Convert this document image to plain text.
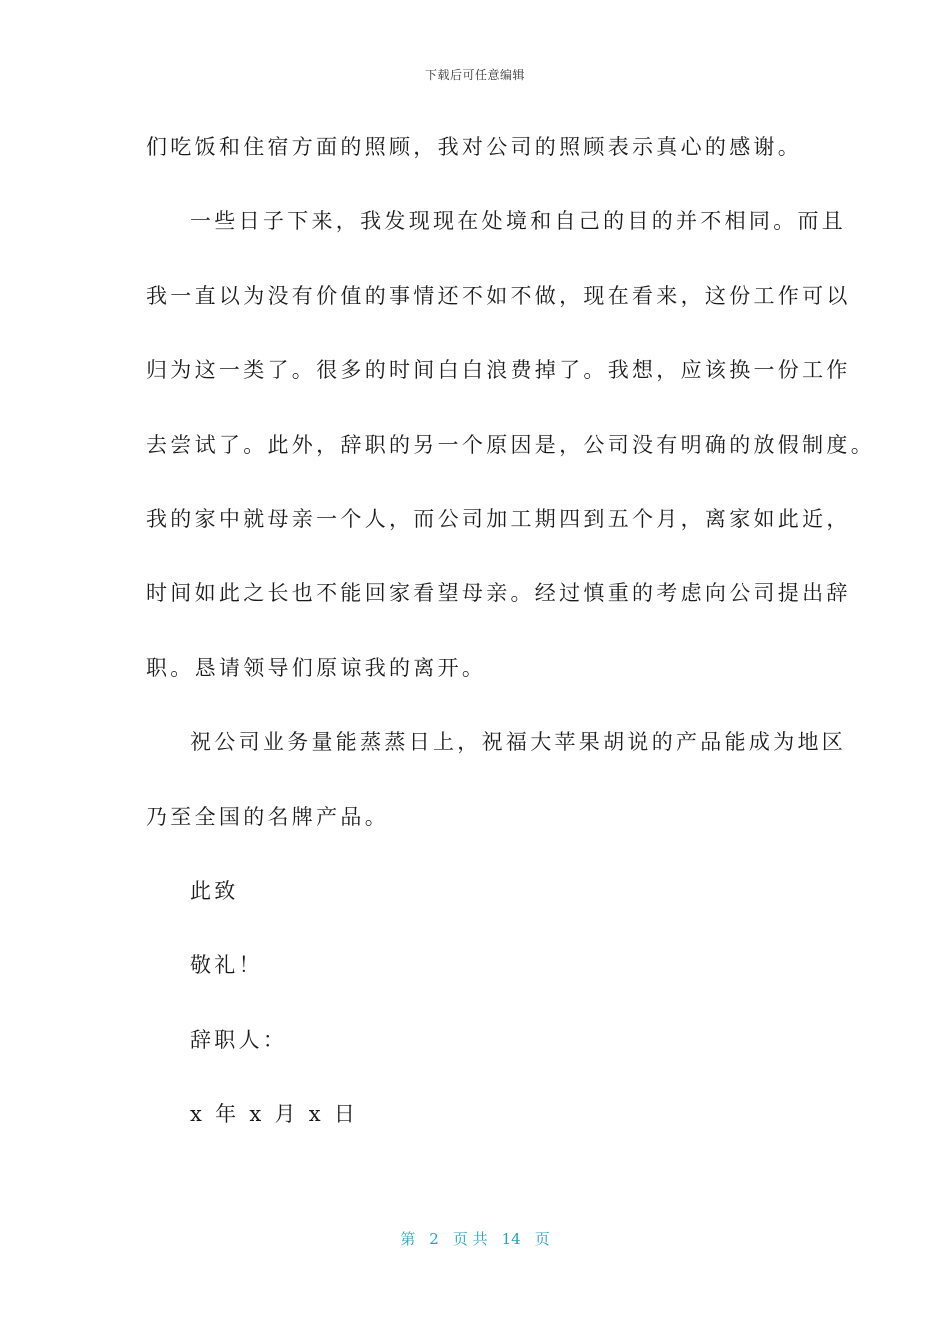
下载后可任意编辑
们吃饭和住宿方面的照顾，我对公司的照顾表示真心的感谢。
一些日子下来，我发现现在处境和自己的目的并不相同。而且
我一直以为没有价值的事情还不如不做，现在看来，这份工作可以
归为这一类了。很多的时间白白浪费掉了。我想，应该换一份工作
去尝试了。此外，辞职的另一个原因是，公司没有明确的放假制度。
我的家中就母亲一个人，而公司加工期四到五个月，离家如此近，
时间如此之长也不能回家看望母亲。经过慎重的考虑向公司提出辞
职。恳请领导们原谅我的离开。
祝公司业务量能蒸蒸日上，祝福大苹果胡说的产品能成为地区
乃至全国的名牌产品。
此致
敬礼！
辞职人：
x 年 x 月 x 日
第 2 页 共 14 页
